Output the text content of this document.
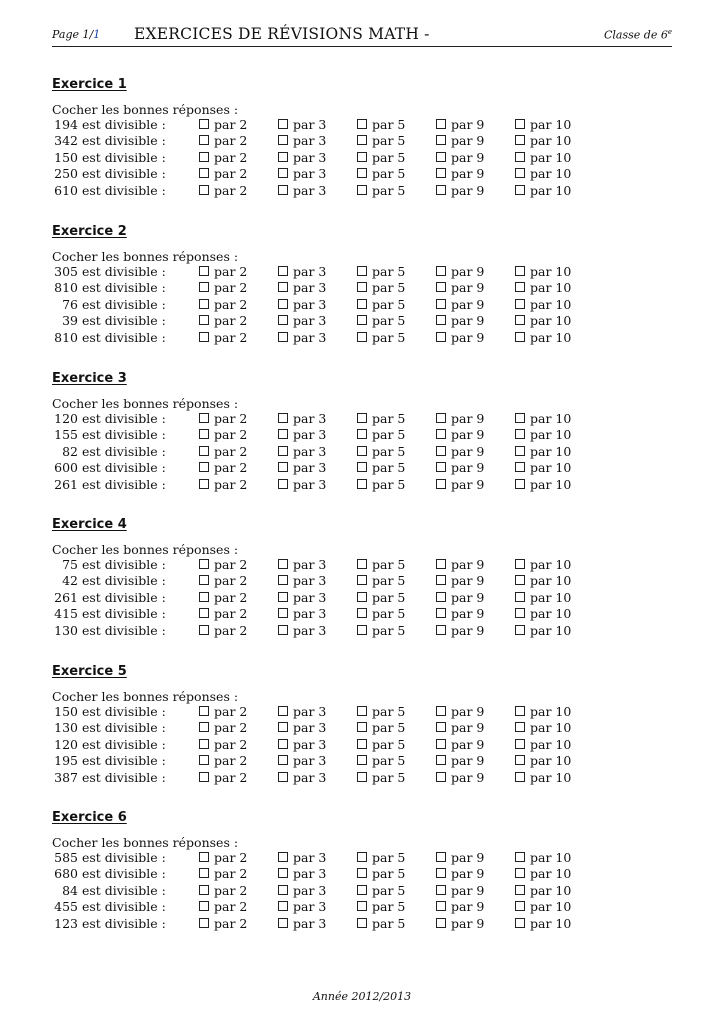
Page 1/1 EXERCICES DE RÉVISIONS MATH -	Classe de 6e
Exercice 1
Cocher les bonnes réponses :
194 est divisible :	par 2	par 3	par 5	par 9	par 10
342 est divisible :	par 2	par 3	par 5	par 9	par 10
150 est divisible :	par 2	par 3	par 5	par 9	par 10
250 est divisible :	par 2	par 3	par 5	par 9	par 10
610 est divisible :	par 2	par 3	par 5	par 9	par 10
Exercice 2
Cocher les bonnes réponses :
305 est divisible :	par 2	par 3	par 5	par 9	par 10
810 est divisible :	par 2	par 3	par 5	par 9	par 10
76 est divisible :	par 2	par 3	par 5	par 9	par 10
39 est divisible :	par 2	par 3	par 5	par 9	par 10
810 est divisible :	par 2	par 3	par 5	par 9	par 10
Exercice 3
Cocher les bonnes réponses :
120 est divisible :	par 2	par 3	par 5	par 9	par 10
155 est divisible :	par 2	par 3	par 5	par 9	par 10
82 est divisible :	par 2	par 3	par 5	par 9	par 10
600 est divisible :	par 2	par 3	par 5	par 9	par 10
261 est divisible :	par 2	par 3	par 5	par 9	par 10
Exercice 4
Cocher les bonnes réponses :
75 est divisible :	par 2	par 3	par 5	par 9	par 10
42 est divisible :	par 2	par 3	par 5	par 9	par 10
261 est divisible :	par 2	par 3	par 5	par 9	par 10
415 est divisible :	par 2	par 3	par 5	par 9	par 10
130 est divisible :	par 2	par 3	par 5	par 9	par 10
Exercice 5
Cocher les bonnes réponses :
150 est divisible :	par 2	par 3	par 5	par 9	par 10
130 est divisible :	par 2	par 3	par 5	par 9	par 10
120 est divisible :	par 2	par 3	par 5	par 9	par 10
195 est divisible :	par 2	par 3	par 5	par 9	par 10
387 est divisible :	par 2	par 3	par 5	par 9	par 10
Exercice 6
Cocher les bonnes réponses :
585 est divisible :	par 2	par 3	par 5	par 9	par 10
680 est divisible :	par 2	par 3	par 5	par 9	par 10
84 est divisible :	par 2	par 3	par 5	par 9	par 10
455 est divisible :	par 2	par 3	par 5	par 9	par 10
123 est divisible :	par 2	par 3	par 5	par 9	par 10
Année 2012/2013
